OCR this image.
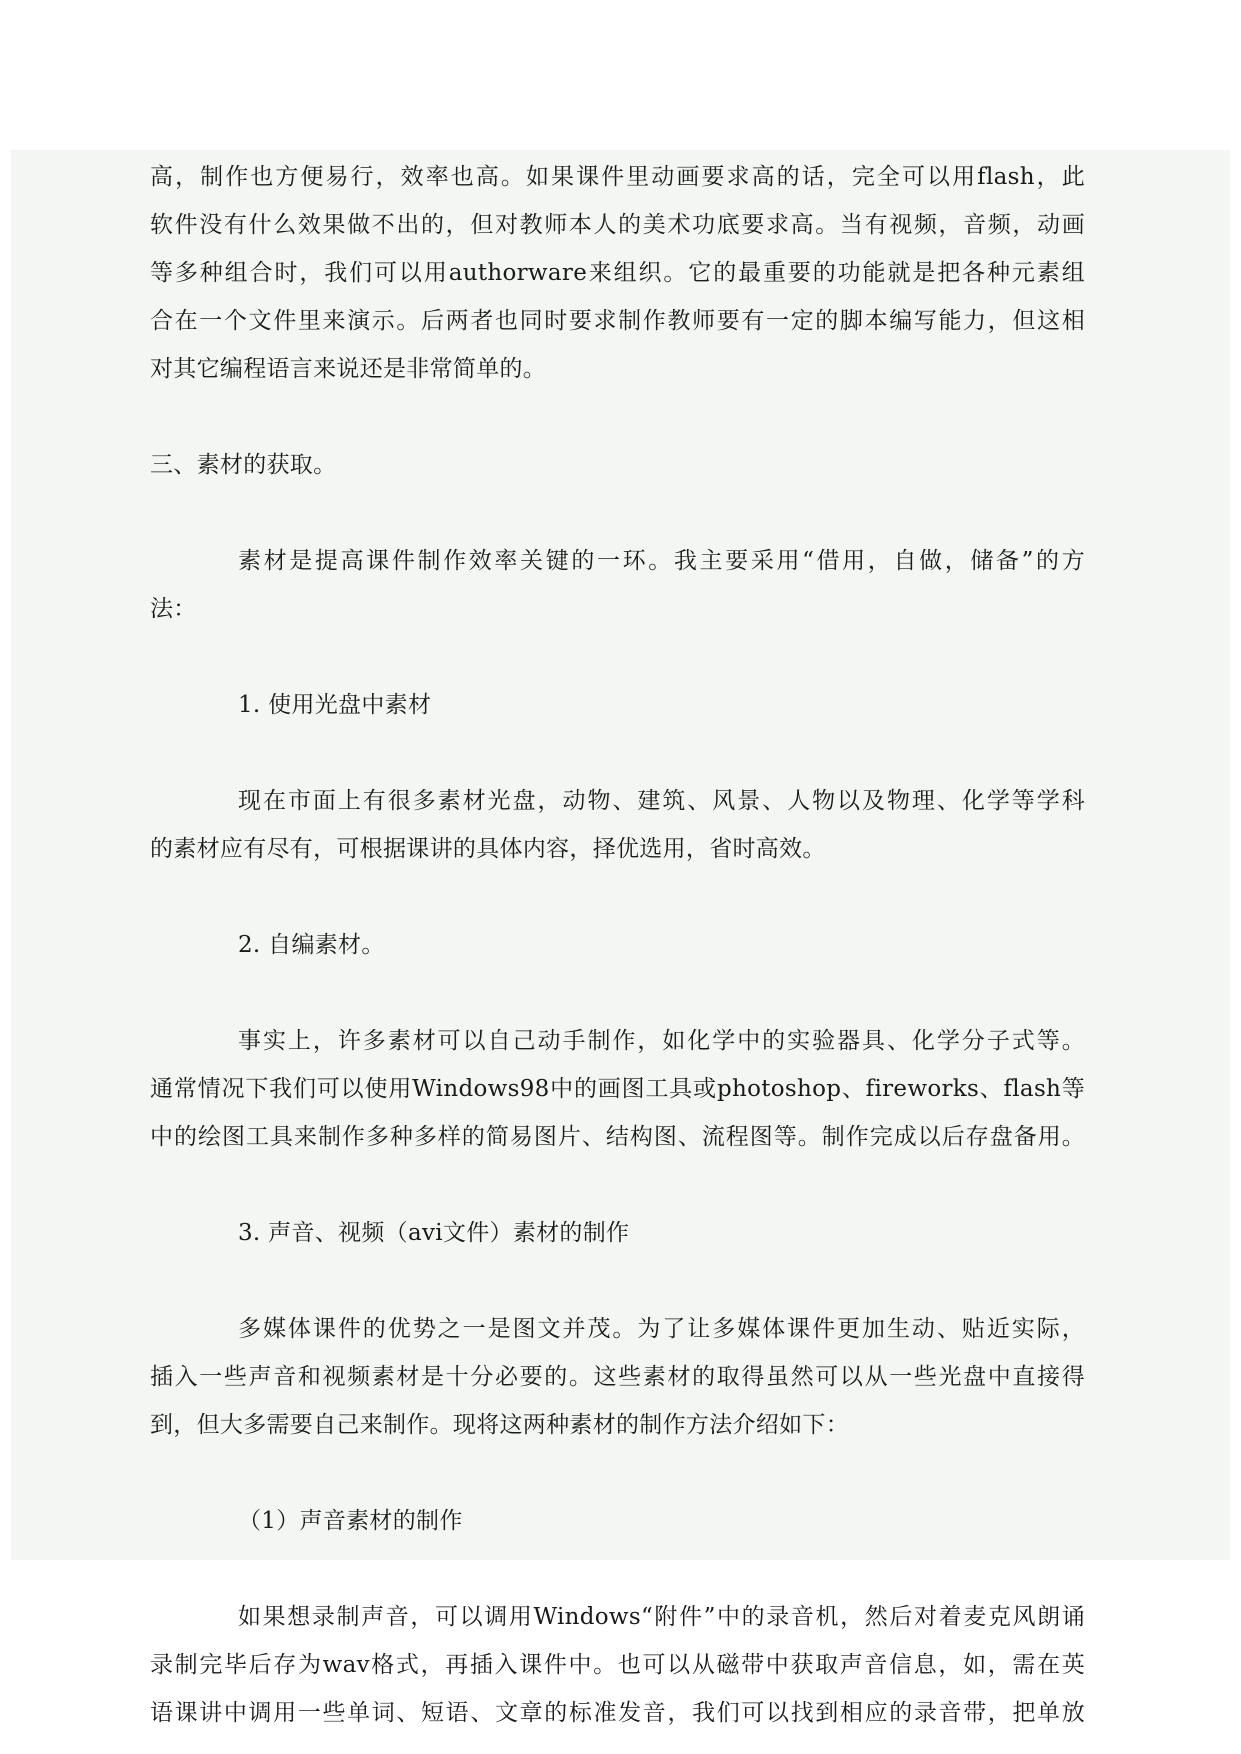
高，制作也方便易行，效率也高。如果课件里动画要求高的话，完全可以用flash，此
软件没有什么效果做不出的，但对教师本人的美术功底要求高。当有视频，音频，动画
等多种组合时，我们可以用authorware来组织。它的最重要的功能就是把各种元素组
合在一个文件里来演示。后两者也同时要求制作教师要有一定的脚本编写能力，但这相
对其它编程语言来说还是非常简单的。
三、素材的获取。
素材是提高课件制作效率关键的一环。我主要采用“借用，自做，储备”的方
法：
1. 使用光盘中素材
现在市面上有很多素材光盘，动物、建筑、风景、人物以及物理、化学等学科
的素材应有尽有，可根据课讲的具体内容，择优选用，省时高效。
2. 自编素材。
事实上，许多素材可以自己动手制作，如化学中的实验器具、化学分子式等。
通常情况下我们可以使用Windows98中的画图工具或photoshop、fireworks、flash等
中的绘图工具来制作多种多样的简易图片、结构图、流程图等。制作完成以后存盘备用。
3. 声音、视频（avi文件）素材的制作
多媒体课件的优势之一是图文并茂。为了让多媒体课件更加生动、贴近实际，
插入一些声音和视频素材是十分必要的。这些素材的取得虽然可以从一些光盘中直接得
到，但大多需要自己来制作。现将这两种素材的制作方法介绍如下：
（1）声音素材的制作
如果想录制声音，可以调用Windows“附件”中的录音机，然后对着麦克风朗诵
录制完毕后存为wav格式，再插入课件中。也可以从磁带中获取声音信息，如，需在英
语课讲中调用一些单词、短语、文章的标准发音，我们可以找到相应的录音带，把单放
